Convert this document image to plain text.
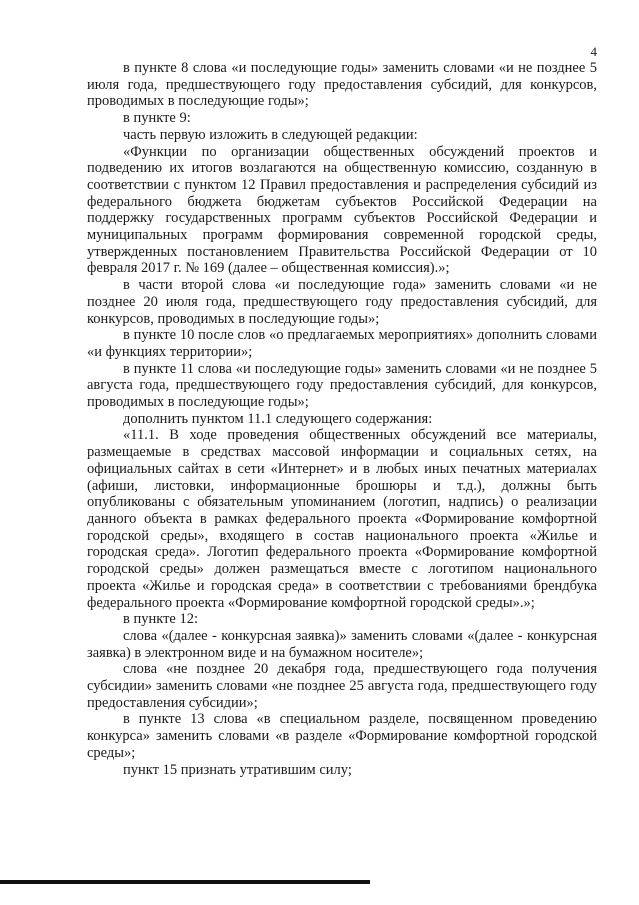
4

в пункте 8 слова «и последующие годы» заменить словами «и не позднее 5 июля года, предшествующего году предоставления субсидий, для конкурсов, проводимых в последующие годы»;

в пункте 9:

часть первую изложить в следующей редакции:

«Функции по организации общественных обсуждений проектов и подведению их итогов возлагаются на общественную комиссию, созданную в соответствии с пунктом 12 Правил предоставления и распределения субсидий из федерального бюджета бюджетам субъектов Российской Федерации на поддержку государственных программ субъектов Российской Федерации и муниципальных программ формирования современной городской среды, утвержденных постановлением Правительства Российской Федерации от 10 февраля 2017 г. № 169 (далее – общественная комиссия).»;

в части второй слова «и последующие года» заменить словами «и не позднее 20 июля года, предшествующего году предоставления субсидий, для конкурсов, проводимых в последующие годы»;

в пункте 10 после слов «о предлагаемых мероприятиях» дополнить словами «и функциях территории»;

в пункте 11 слова «и последующие годы» заменить словами «и не позднее 5 августа года, предшествующего году предоставления субсидий, для конкурсов, проводимых в последующие годы»;

дополнить пунктом 11.1 следующего содержания:

«11.1. В ходе проведения общественных обсуждений все материалы, размещаемые в средствах массовой информации и социальных сетях, на официальных сайтах в сети «Интернет» и в любых иных печатных материалах (афиши, листовки, информационные брошюры и т.д.), должны быть опубликованы с обязательным упоминанием (логотип, надпись) о реализации данного объекта в рамках федерального проекта «Формирование комфортной городской среды», входящего в состав национального проекта «Жилье и городская среда». Логотип федерального проекта «Формирование комфортной городской среды» должен размещаться вместе с логотипом национального проекта «Жилье и городская среда» в соответствии с требованиями брендбука федерального проекта «Формирование комфортной городской среды».»;

в пункте 12:

слова «(далее - конкурсная заявка)» заменить словами «(далее - конкурсная заявка) в электронном виде и на бумажном носителе»;

слова «не позднее 20 декабря года, предшествующего года получения субсидии» заменить словами «не позднее 25 августа года, предшествующего году предоставления субсидии»;

в пункте 13 слова «в специальном разделе, посвященном проведению конкурса» заменить словами «в разделе «Формирование комфортной городской среды»;

пункт 15 признать утратившим силу;
